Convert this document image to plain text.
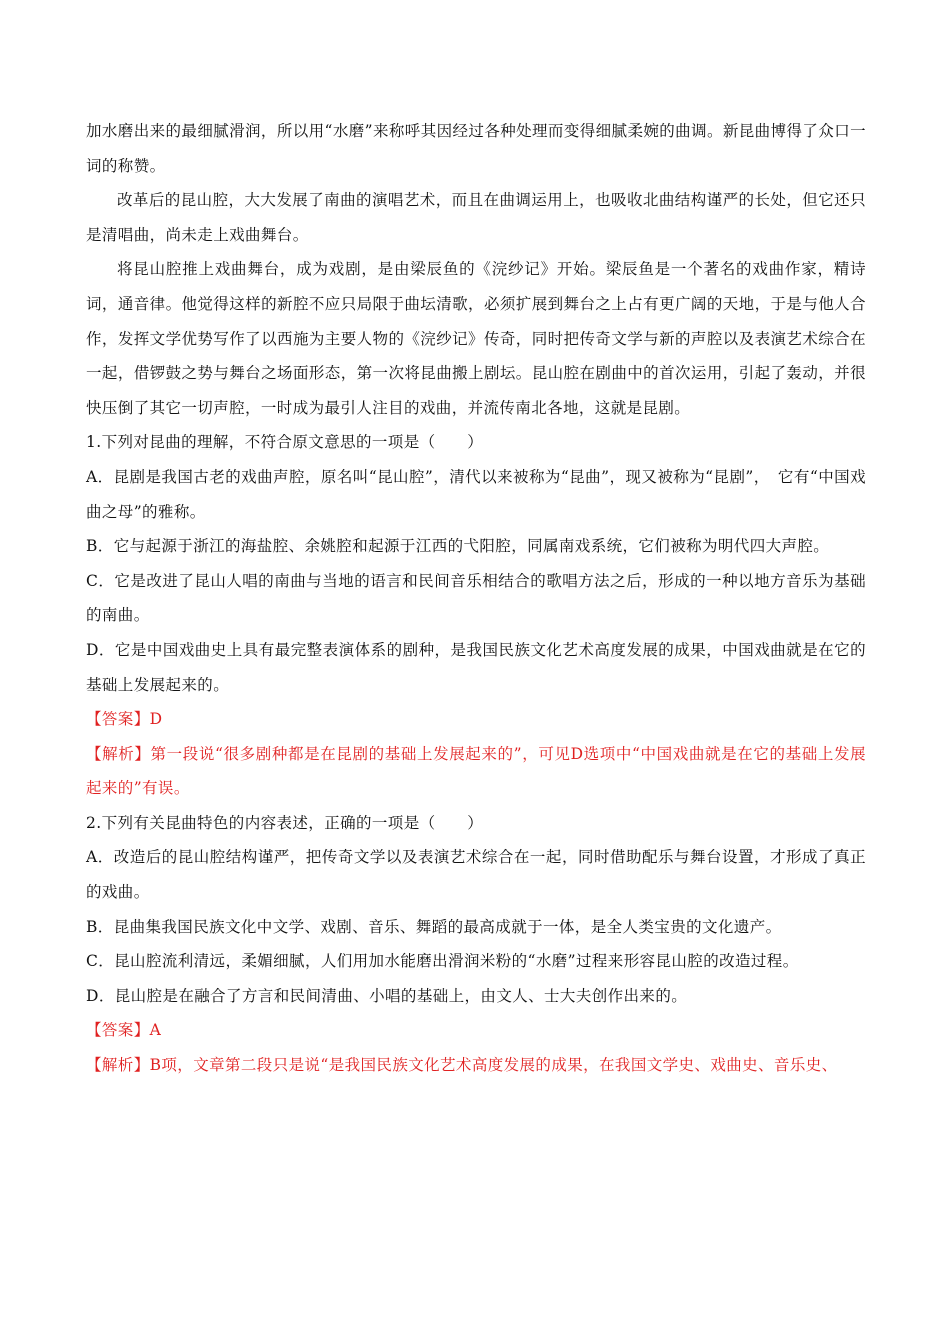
加水磨出来的最细腻滑润，所以用“水磨”来称呼其因经过各种处理而变得细腻柔婉的曲调。新昆曲博得了众口一词的称赞。

改革后的昆山腔，大大发展了南曲的演唱艺术，而且在曲调运用上，也吸收北曲结构谨严的长处，但它还只是清唱曲，尚未走上戏曲舞台。

将昆山腔推上戏曲舞台，成为戏剧，是由梁辰鱼的《浣纱记》开始。梁辰鱼是一个著名的戏曲作家，精诗词，通音律。他觉得这样的新腔不应只局限于曲坛清歌，必须扩展到舞台之上占有更广阔的天地，于是与他人合作，发挥文学优势写作了以西施为主要人物的《浣纱记》传奇，同时把传奇文学与新的声腔以及表演艺术综合在一起，借锣鼓之势与舞台之场面形态，第一次将昆曲搬上剧坛。昆山腔在剧曲中的首次运用，引起了轰动，并很快压倒了其它一切声腔，一时成为最引人注目的戏曲，并流传南北各地，这就是昆剧。

1.下列对昆曲的理解，不符合原文意思的一项是（　　）

A．昆剧是我国古老的戏曲声腔，原名叫“昆山腔”，清代以来被称为“昆曲”，现又被称为“昆剧”，　它有“中国戏曲之母”的雅称。

B．它与起源于浙江的海盐腔、余姚腔和起源于江西的弋阳腔，同属南戏系统，它们被称为明代四大声腔。

C．它是改进了昆山人唱的南曲与当地的语言和民间音乐相结合的歌唱方法之后，形成的一种以地方音乐为基础的南曲。

D．它是中国戏曲史上具有最完整表演体系的剧种，是我国民族文化艺术高度发展的成果，中国戏曲就是在它的基础上发展起来的。

【答案】D

【解析】第一段说“很多剧种都是在昆剧的基础上发展起来的”，可见D选项中“中国戏曲就是在它的基础上发展起来的”有误。

2.下列有关昆曲特色的内容表述，正确的一项是（　　）

A．改造后的昆山腔结构谨严，把传奇文学以及表演艺术综合在一起，同时借助配乐与舞台设置，才形成了真正的戏曲。

B．昆曲集我国民族文化中文学、戏剧、音乐、舞蹈的最高成就于一体，是全人类宝贵的文化遗产。

C．昆山腔流利清远，柔媚细腻，人们用加水能磨出滑润米粉的“水磨”过程来形容昆山腔的改造过程。

D．昆山腔是在融合了方言和民间清曲、小唱的基础上，由文人、士大夫创作出来的。

【答案】A

【解析】B项，文章第二段只是说“是我国民族文化艺术高度发展的成果，在我国文学史、戏曲史、音乐史、
